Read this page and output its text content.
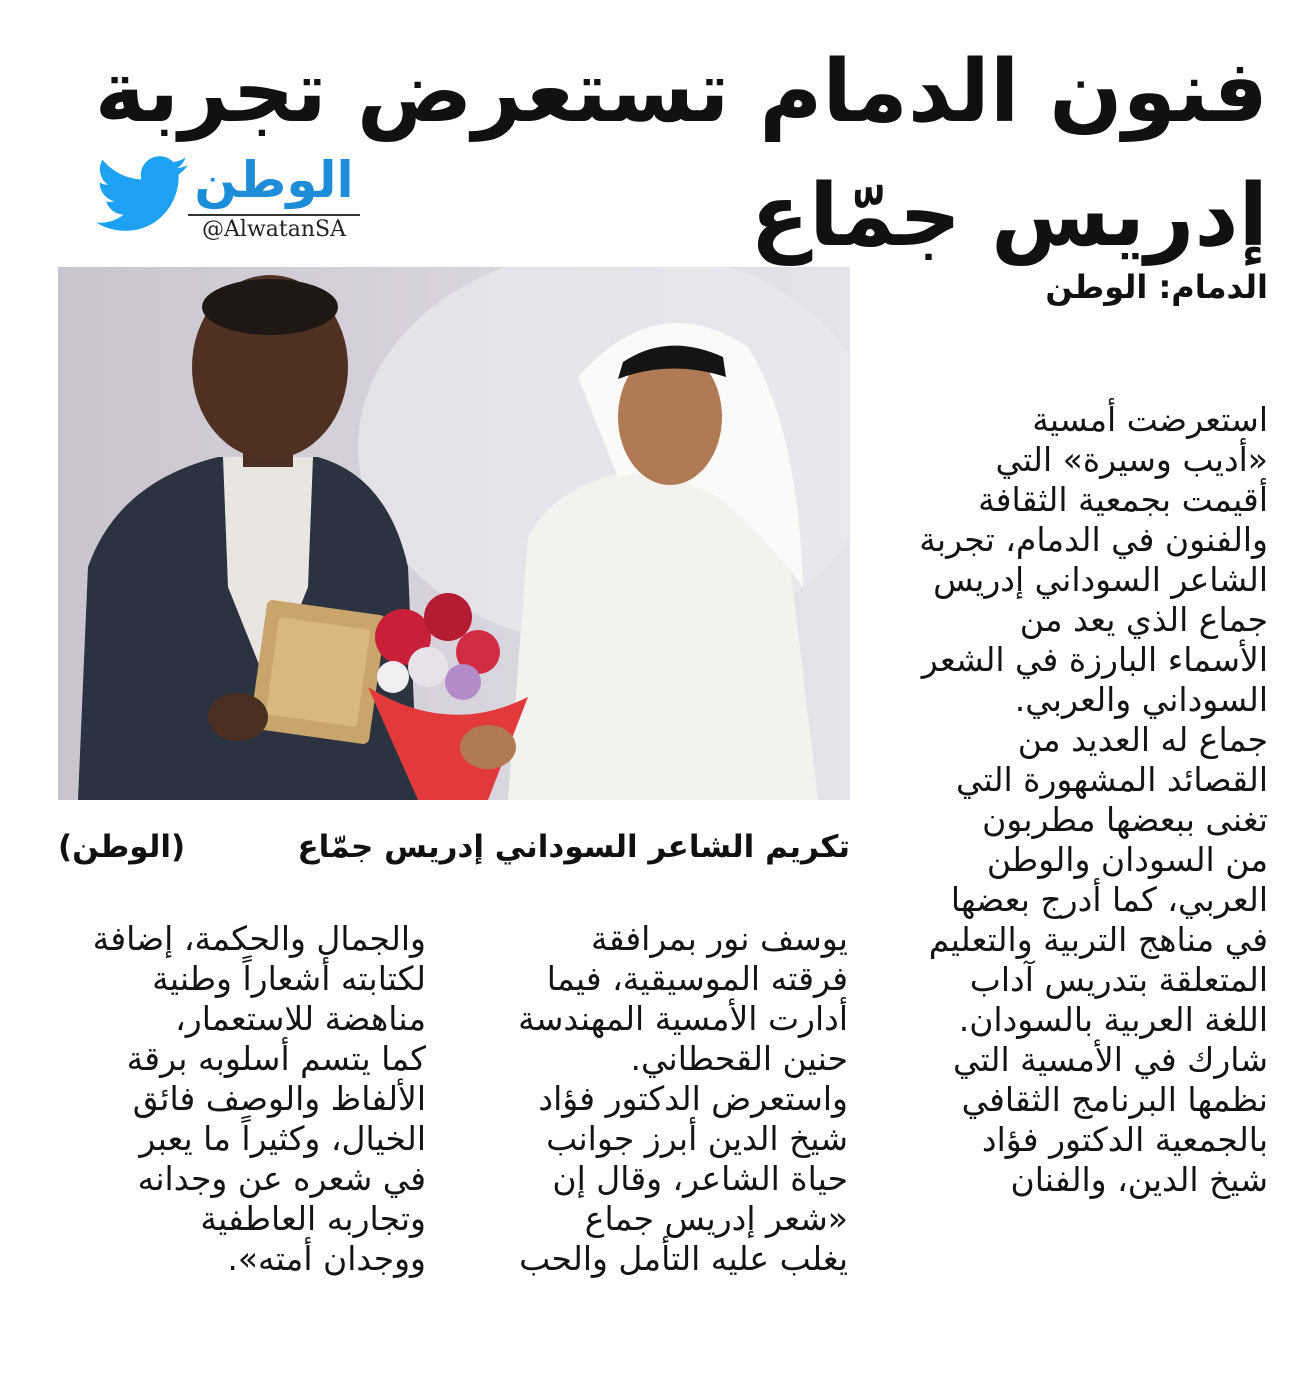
فنون الدمام تستعرض تجربة
إدريس جمّاع
الوطن
@AlwatanSA
الدمام: الوطن
تكريم الشاعر السوداني إدريس جمّاع
(الوطن)
استعرضت أمسية
«أديب وسيرة» التي
أقيمت بجمعية الثقافة
والفنون في الدمام، تجربة
الشاعر السوداني إدريس
جماع الذي يعد من
الأسماء البارزة في الشعر
السوداني والعربي.
جماع له العديد من
القصائد المشهورة التي
تغنى ببعضها مطربون
من السودان والوطن
العربي، كما أدرج بعضها
في مناهج التربية والتعليم
المتعلقة بتدريس آداب
اللغة العربية بالسودان.
شارك في الأمسية التي
نظمها البرنامج الثقافي
بالجمعية الدكتور فؤاد
شيخ الدين، والفنان
يوسف نور بمرافقة
فرقته الموسيقية، فيما
أدارت الأمسية المهندسة
حنين القحطاني.
واستعرض الدكتور فؤاد
شيخ الدين أبرز جوانب
حياة الشاعر، وقال إن
«شعر إدريس جماع
يغلب عليه التأمل والحب
والجمال والحكمة، إضافة
لكتابته أشعاراً وطنية
مناهضة للاستعمار،
كما يتسم أسلوبه برقة
الألفاظ والوصف فائق
الخيال، وكثيراً ما يعبر
في شعره عن وجدانه
وتجاربه العاطفية
ووجدان أمته».
